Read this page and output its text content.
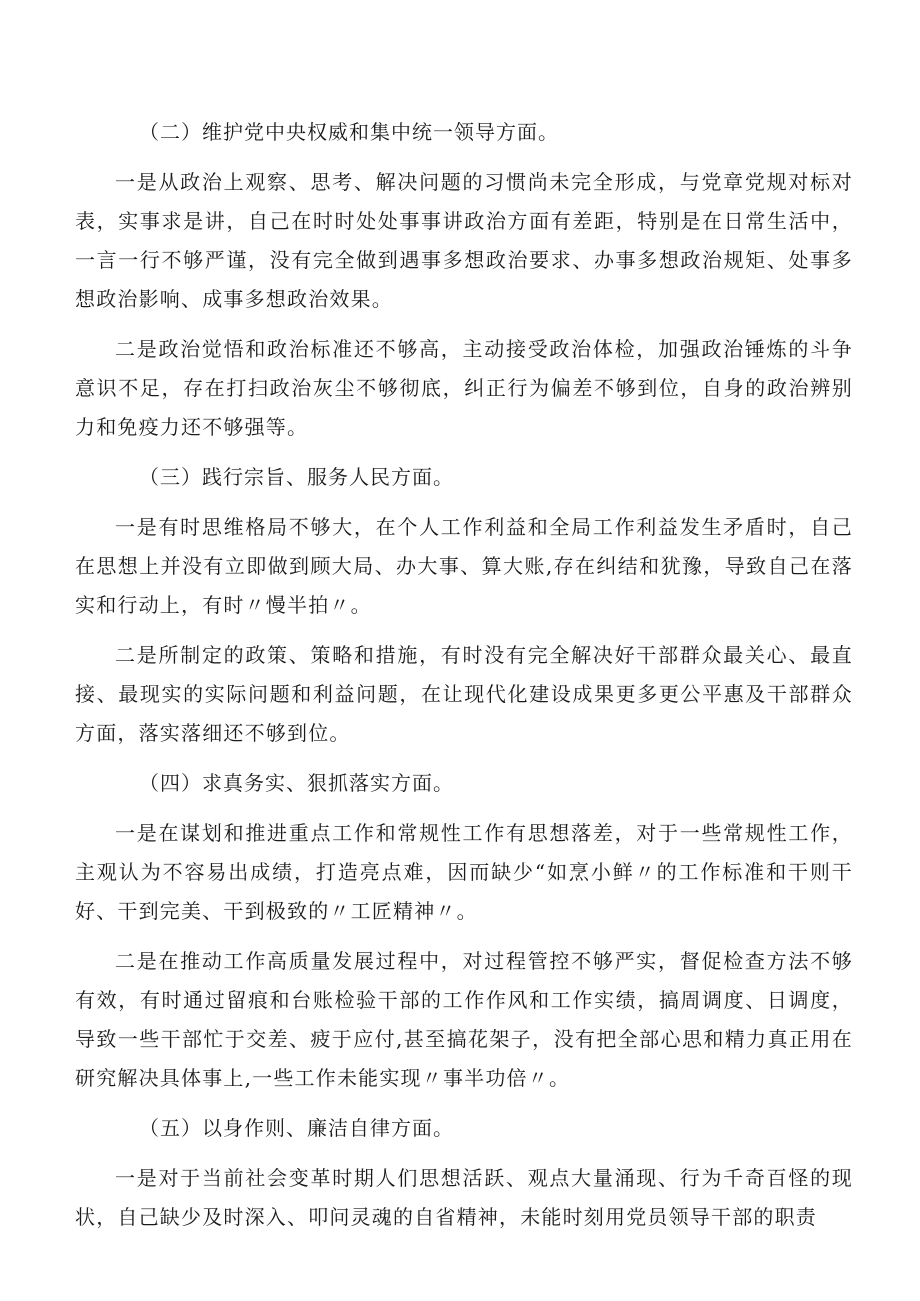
（二）维护党中央权威和集中统一领导方面。

一是从政治上观察、思考、解决问题的习惯尚未完全形成，与党章党规对标对表，实事求是讲，自己在时时处处事事讲政治方面有差距，特别是在日常生活中，一言一行不够严谨，没有完全做到遇事多想政治要求、办事多想政治规矩、处事多想政治影响、成事多想政治效果。

二是政治觉悟和政治标准还不够高，主动接受政治体检，加强政治锤炼的斗争意识不足，存在打扫政治灰尘不够彻底，纠正行为偏差不够到位，自身的政治辨别力和免疫力还不够强等。

（三）践行宗旨、服务人民方面。

一是有时思维格局不够大，在个人工作利益和全局工作利益发生矛盾时，自己在思想上并没有立即做到顾大局、办大事、算大账,存在纠结和犹豫，导致自己在落实和行动上，有时〃慢半拍〃。

二是所制定的政策、策略和措施，有时没有完全解决好干部群众最关心、最直接、最现实的实际问题和利益问题，在让现代化建设成果更多更公平惠及干部群众方面，落实落细还不够到位。

（四）求真务实、狠抓落实方面。

一是在谋划和推进重点工作和常规性工作有思想落差，对于一些常规性工作，主观认为不容易出成绩，打造亮点难，因而缺少“如烹小鲜〃的工作标准和干则干好、干到完美、干到极致的〃工匠精神〃。

二是在推动工作高质量发展过程中，对过程管控不够严实，督促检查方法不够有效，有时通过留痕和台账检验干部的工作作风和工作实绩，搞周调度、日调度，导致一些干部忙于交差、疲于应付,甚至搞花架子，没有把全部心思和精力真正用在研究解决具体事上,一些工作未能实现〃事半功倍〃。

（五）以身作则、廉洁自律方面。

一是对于当前社会变革时期人们思想活跃、观点大量涌现、行为千奇百怪的现状，自己缺少及时深入、叩问灵魂的自省精神，未能时刻用党员领导干部的职责
